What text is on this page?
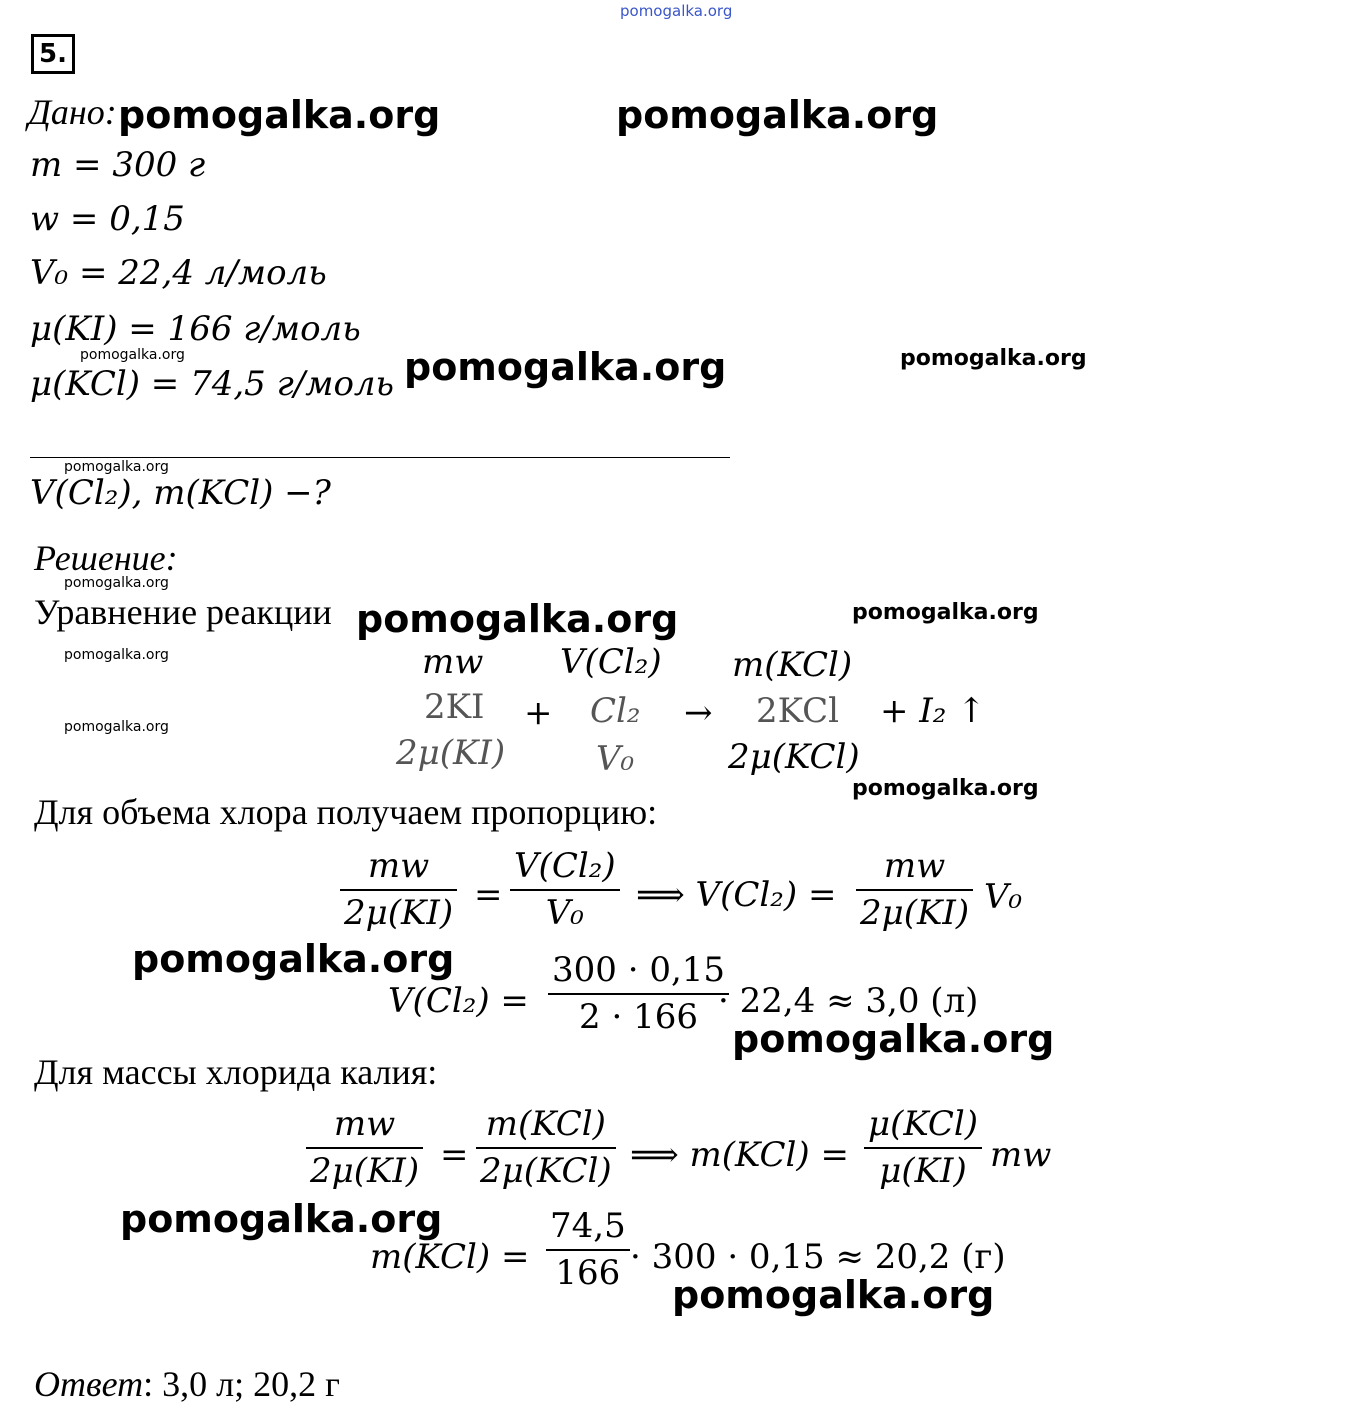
pomogalka.org
5.
Дано: pomogalka.org	pomogalka.org
m = 300 г
w = 0,15
V₀ = 22,4 л/моль
μ(KI) = 166 г/моль
pomogalka.org
μ(KCl) = 74,5 г/моль pomogalka.org	pomogalka.org
pomogalka.org
V(Cl₂), m(KCl) −?
Решение:
pomogalka.org
Уравнение реакции pomogalka.org	pomogalka.org
pomogalka.org
pomogalka.org
mw V(Cl₂) m(KCl)
2KI + Cl₂ → 2KCl + I₂ ↑
2μ(KI)	V₀	2μ(KCl)
Для объема хлора получаем пропорцию:
pomogalka.org
mw
2μ(KI) =
V(Cl₂)
V₀ ⟹ V(Cl₂) =
mw
2μ(KI) V₀
pomogalka.org
V(Cl₂) =
300 · 0,15
2 · 166 · 22,4 ≈ 3,0 (л)
pomogalka.org
Для массы хлорида калия:
mw
2μ(KI) =
m(KCl)
2μ(KCl) ⟹ m(KCl) =
μ(KCl)
μ(KI) mw
pomogalka.org
m(KCl) =
74,5
166 · 300 · 0,15 ≈ 20,2 (г)
pomogalka.org
Ответ: 3,0 л; 20,2 г
